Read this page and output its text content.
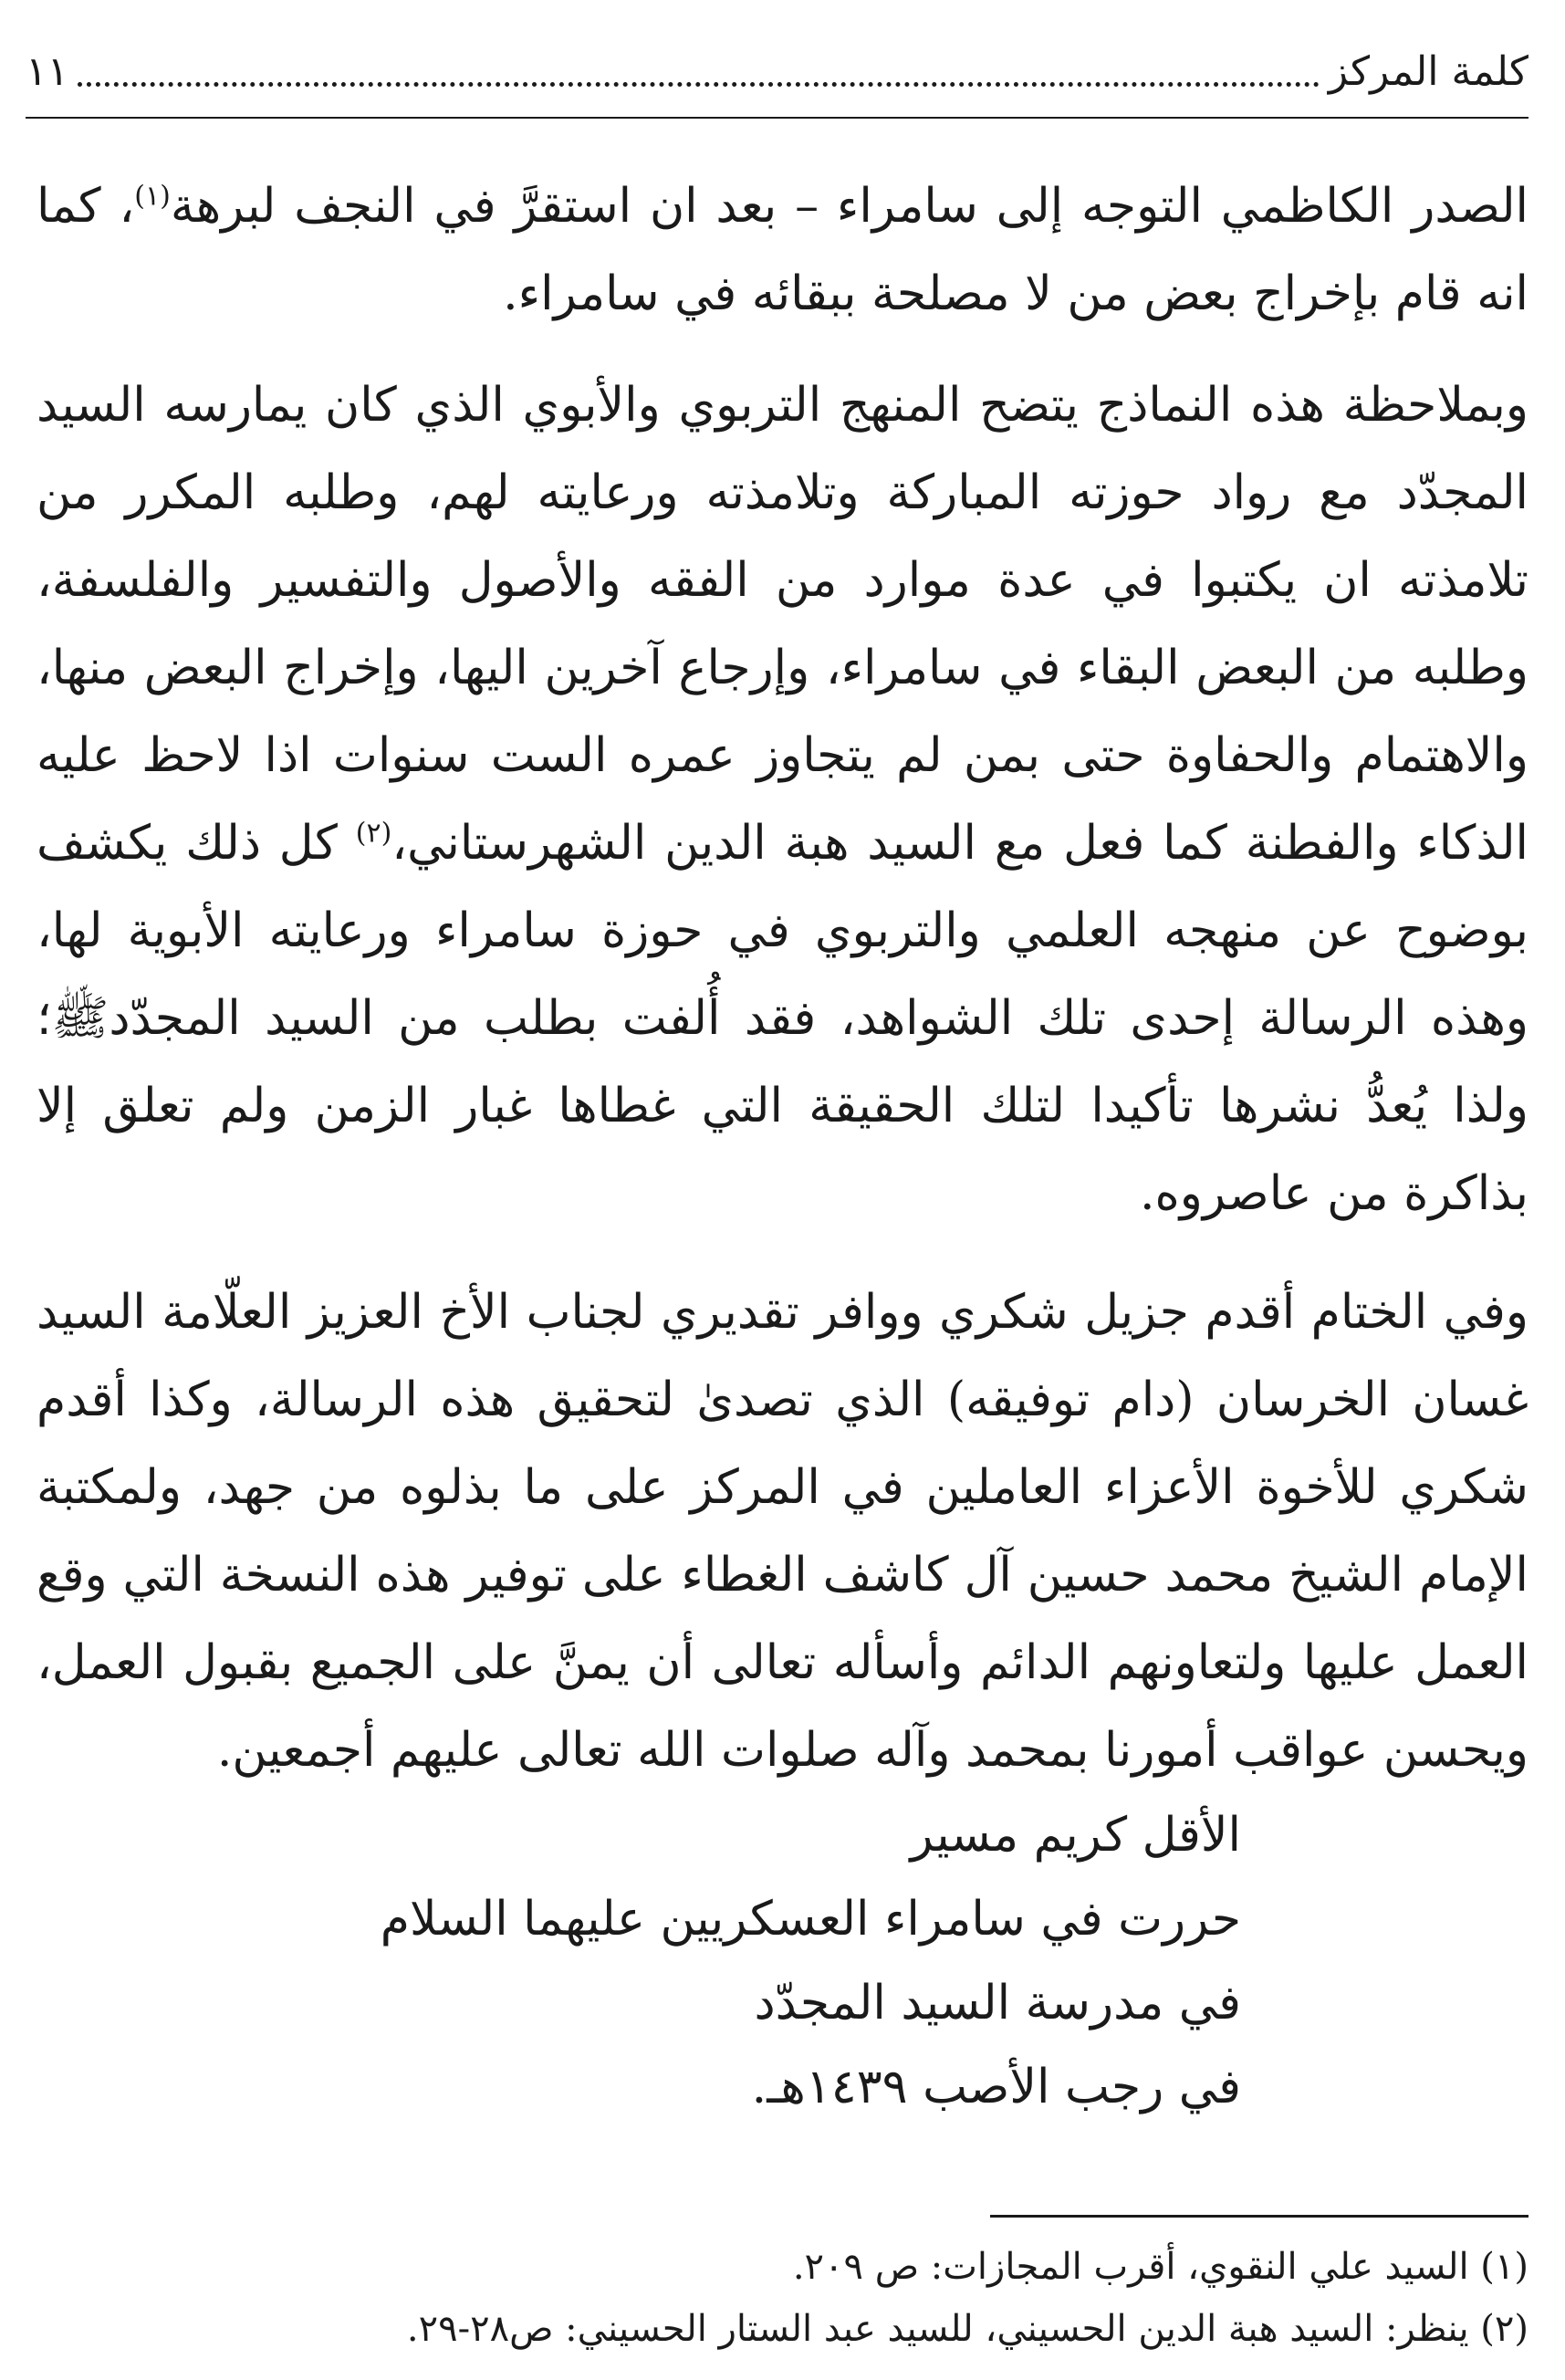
كلمة المركز
١١

الصدر الكاظمي التوجه إلى سامراء – بعد ان استقرَّ في النجف لبرهة$^{(١)}$، كما انه قام بإخراج بعض من لا مصلحة ببقائه في سامراء.

وبملاحظة هذه النماذج يتضح المنهج التربوي والأبوي الذي كان يمارسه السيد المجدّد مع رواد حوزته المباركة وتلامذته ورعايته لهم، وطلبه المكرر من تلامذته ان يكتبوا في عدة موارد من الفقه والأصول والتفسير والفلسفة، وطلبه من البعض البقاء في سامراء، وإرجاع آخرين اليها، وإخراج البعض منها، والاهتمام والحفاوة حتى بمن لم يتجاوز عمره الست سنوات اذا لاحظ عليه الذكاء والفطنة كما فعل مع السيد هبة الدين الشهرستاني،$^{(٢)}$ كل ذلك يكشف بوضوح عن منهجه العلمي والتربوي في حوزة سامراء ورعايته الأبوية لها، وهذه الرسالة إحدى تلك الشواهد، فقد أُلفت بطلب من السيد المجدّدﷺ؛ ولذا يُعدُّ نشرها تأكيدا لتلك الحقيقة التي غطاها غبار الزمن ولم تعلق إلا بذاكرة من عاصروه.

وفي الختام أقدم جزيل شكري ووافر تقديري لجناب الأخ العزيز العلّامة السيد غسان الخرسان (دام توفيقه) الذي تصدىٰ لتحقيق هذه الرسالة، وكذا أقدم شكري للأخوة الأعزاء العاملين في المركز على ما بذلوه من جهد، ولمكتبة الإمام الشيخ محمد حسين آل كاشف الغطاء على توفير هذه النسخة التي وقع العمل عليها ولتعاونهم الدائم وأسأله تعالى أن يمنَّ على الجميع بقبول العمل، ويحسن عواقب أمورنا بمحمد وآله صلوات الله تعالى عليهم أجمعين.

الأقل كريم مسير
حررت في سامراء العسكريين عليهما السلام
في مدرسة السيد المجدّد
في رجب الأصب ١٤٣٩هـ.
(١) السيد علي النقوي، أقرب المجازات: ص ٢٠٩.
(٢) ينظر: السيد هبة الدين الحسيني، للسيد عبد الستار الحسيني: ص٢٨-٢٩.
